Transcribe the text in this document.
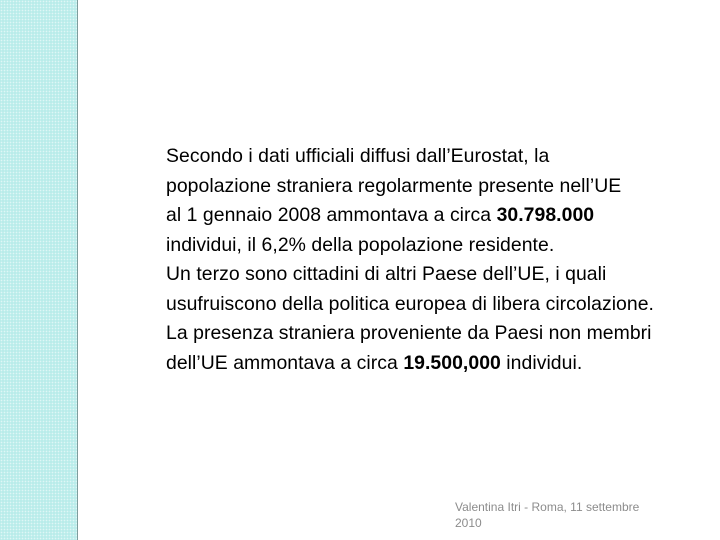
Secondo i dati ufficiali diffusi dall’Eurostat, la
popolazione straniera regolarmente presente nell’UE
al 1 gennaio 2008 ammontava a circa 30.798.000
individui, il 6,2% della popolazione residente.
Un terzo sono cittadini di altri Paese dell’UE, i quali
usufruiscono della politica europea di libera circolazione.
La presenza straniera proveniente da Paesi non membri
dell’UE ammontava a circa 19.500,000 individui.
Valentina Itri - Roma, 11 settembre
2010
